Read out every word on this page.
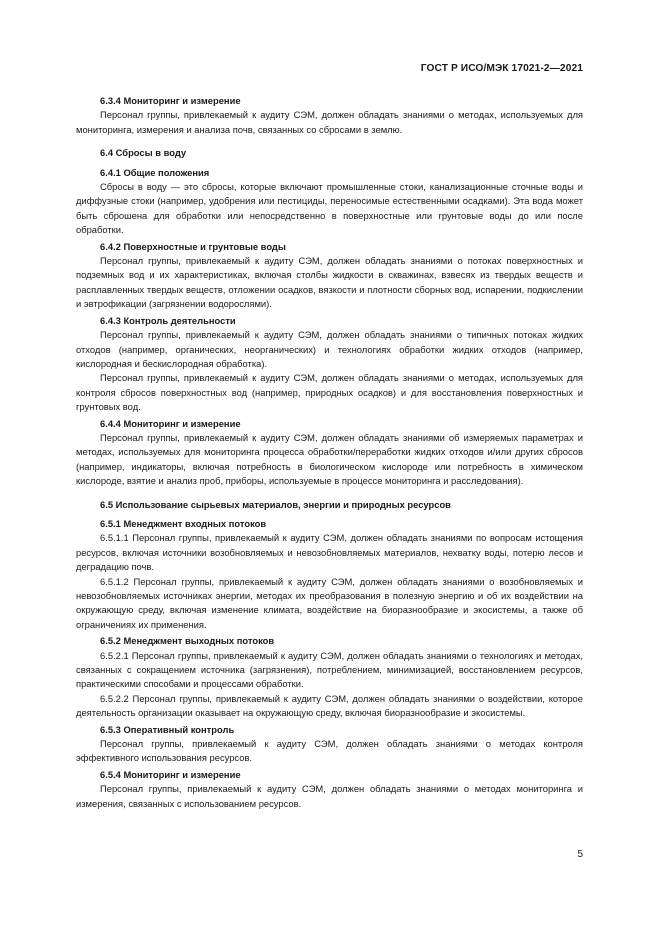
ГОСТ Р ИСО/МЭК 17021-2—2021
6.3.4 Мониторинг и измерение
Персонал группы, привлекаемый к аудиту СЭМ, должен обладать знаниями о методах, используемых для мониторинга, измерения и анализа почв, связанных со сбросами в землю.
6.4 Сбросы в воду
6.4.1 Общие положения
Сбросы в воду — это сбросы, которые включают промышленные стоки, канализационные сточные воды и диффузные стоки (например, удобрения или пестициды, переносимые естественными осадками). Эта вода может быть сброшена для обработки или непосредственно в поверхностные или грунтовые воды до или после обработки.
6.4.2 Поверхностные и грунтовые воды
Персонал группы, привлекаемый к аудиту СЭМ, должен обладать знаниями о потоках поверхностных и подземных вод и их характеристиках, включая столбы жидкости в скважинах, взвесях из твердых веществ и расплавленных твердых веществ, отложении осадков, вязкости и плотности сборных вод, испарении, подкислении и эвтрофикации (загрязнении водорослями).
6.4.3 Контроль деятельности
Персонал группы, привлекаемый к аудиту СЭМ, должен обладать знаниями о типичных потоках жидких отходов (например, органических, неорганических) и технологиях обработки жидких отходов (например, кислородная и бескислородная обработка).
Персонал группы, привлекаемый к аудиту СЭМ, должен обладать знаниями о методах, используемых для контроля сбросов поверхностных вод (например, природных осадков) и для восстановления поверхностных и грунтовых вод.
6.4.4 Мониторинг и измерение
Персонал группы, привлекаемый к аудиту СЭМ, должен обладать знаниями об измеряемых параметрах и методах, используемых для мониторинга процесса обработки/переработки жидких отходов и/или других сбросов (например, индикаторы, включая потребность в биологическом кислороде или потребность в химическом кислороде, взятие и анализ проб, приборы, используемые в процессе мониторинга и расследования).
6.5 Использование сырьевых материалов, энергии и природных ресурсов
6.5.1 Менеджмент входных потоков
6.5.1.1 Персонал группы, привлекаемый к аудиту СЭМ, должен обладать знаниями по вопросам истощения ресурсов, включая источники возобновляемых и невозобновляемых материалов, нехватку воды, потерю лесов и деградацию почв.
6.5.1.2 Персонал группы, привлекаемый к аудиту СЭМ, должен обладать знаниями о возобновляемых и невозобновляемых источниках энергии, методах их преобразования в полезную энергию и об их воздействии на окружающую среду, включая изменение климата, воздействие на биоразнообразие и экосистемы, а также об ограничениях их применения.
6.5.2 Менеджмент выходных потоков
6.5.2.1 Персонал группы, привлекаемый к аудиту СЭМ, должен обладать знаниями о технологиях и методах, связанных с сокращением источника (загрязнения), потреблением, минимизацией, восстановлением ресурсов, практическими способами и процессами обработки.
6.5.2.2 Персонал группы, привлекаемый к аудиту СЭМ, должен обладать знаниями о воздействии, которое деятельность организации оказывает на окружающую среду, включая биоразнообразие и экосистемы.
6.5.3 Оперативный контроль
Персонал группы, привлекаемый к аудиту СЭМ, должен обладать знаниями о методах контроля эффективного использования ресурсов.
6.5.4 Мониторинг и измерение
Персонал группы, привлекаемый к аудиту СЭМ, должен обладать знаниями о методах мониторинга и измерения, связанных с использованием ресурсов.
5
